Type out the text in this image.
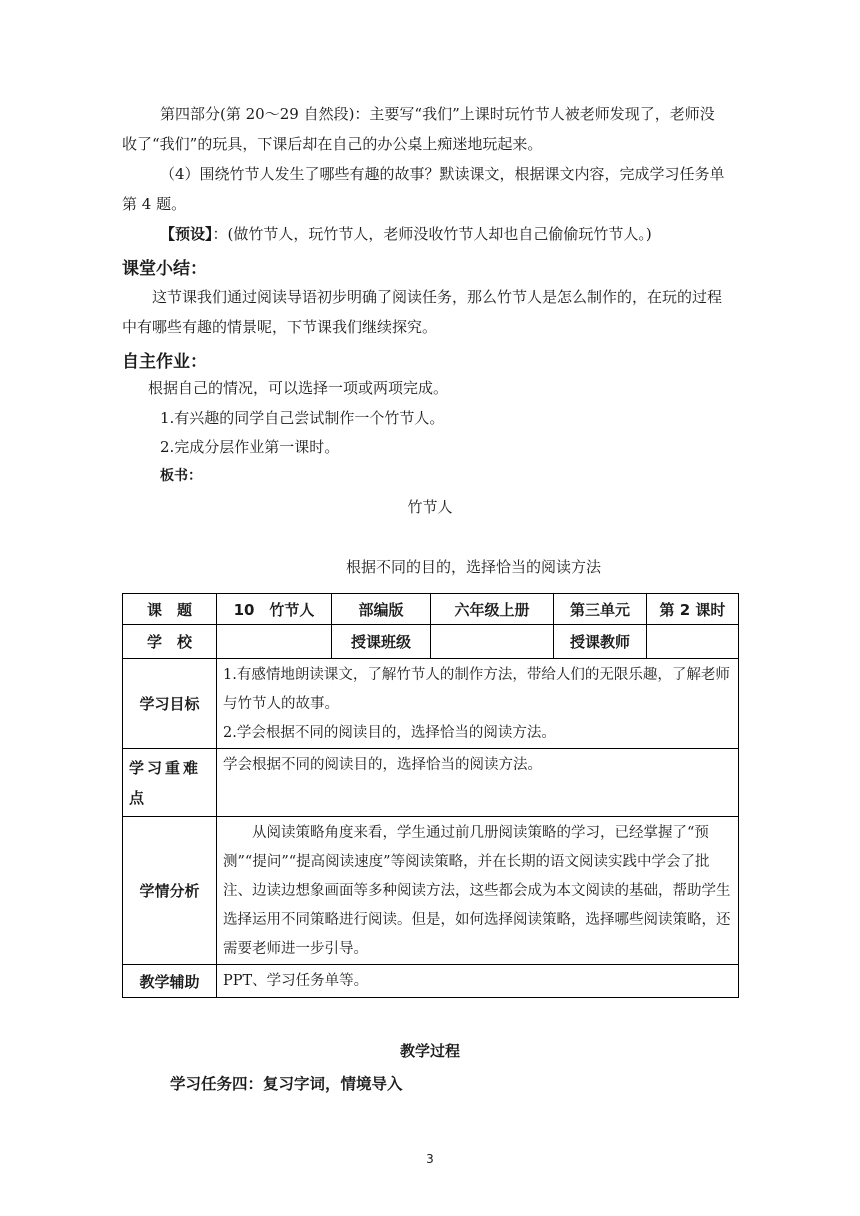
第四部分(第 20～29 自然段)：主要写“我们”上课时玩竹节人被老师发现了，老师没
收了“我们”的玩具，下课后却在自己的办公桌上痴迷地玩起来。
（4）围绕竹节人发生了哪些有趣的故事？默读课文，根据课文内容，完成学习任务单
第 4 题。
【预设】：(做竹节人，玩竹节人，老师没收竹节人却也自己偷偷玩竹节人。)
课堂小结：
这节课我们通过阅读导语初步明确了阅读任务，那么竹节人是怎么制作的，在玩的过程
中有哪些有趣的情景呢，下节课我们继续探究。
自主作业：
根据自己的情况，可以选择一项或两项完成。
1.有兴趣的同学自己尝试制作一个竹节人。
2.完成分层作业第一课时。
板书：
竹节人
根据不同的目的，选择恰当的阅读方法
课　题	10　竹节人	部编版	六年级上册	第三单元	第 2 课时
学　校		授课班级		授课教师	
学习目标	1.有感情地朗读课文，了解竹节人的制作方法，带给人们的无限乐趣，了解老师与竹节人的故事。
2.学会根据不同的阅读目的，选择恰当的阅读方法。				

学习重难点	学会根据不同的阅读目的，选择恰当的阅读方法。				
学情分析	从阅读策略角度来看，学生通过前几册阅读策略的学习，已经掌握了“预测”“提问”“提高阅读速度”等阅读策略，并在长期的语文阅读实践中学会了批注、边读边想象画面等多种阅读方法，这些都会成为本文阅读的基础，帮助学生选择运用不同策略进行阅读。但是，如何选择阅读策略，选择哪些阅读策略，还需要老师进一步引导。				
教学辅助	PPT、学习任务单等。				
教学过程
学习任务四：复习字词，情境导入
3
